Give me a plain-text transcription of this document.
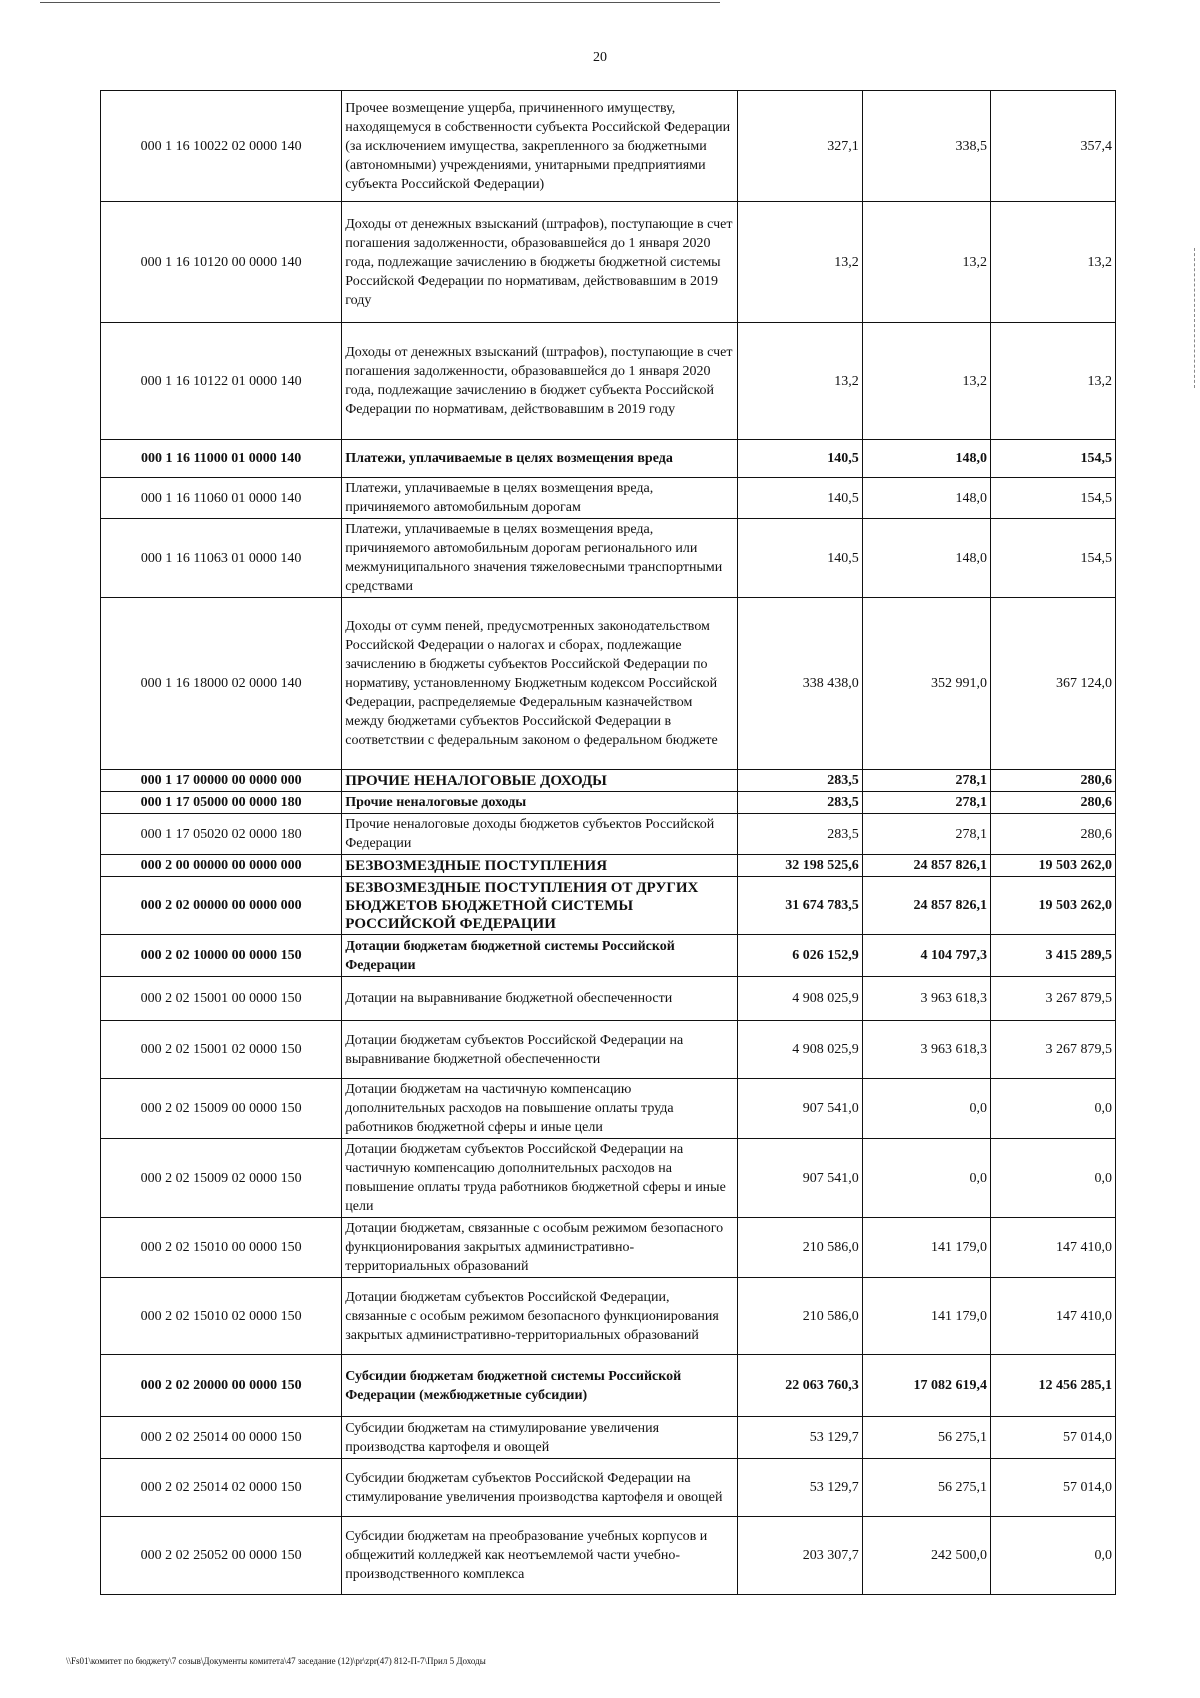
20
000 1 16 10022 02 0000 140	Прочее возмещение ущерба, причиненного имуществу, находящемуся в собственности субъекта Российской Федерации (за исключением имущества, закрепленного за бюджетными (автономными) учреждениями, унитарными предприятиями субъекта Российской Федерации)	327,1	338,5	357,4
000 1 16 10120 00 0000 140	Доходы от денежных взысканий (штрафов), поступающие в счет погашения задолженности, образовавшейся до 1 января 2020 года, подлежащие зачислению в бюджеты бюджетной системы Российской Федерации по нормативам, действовавшим в 2019 году	13,2	13,2	13,2
000 1 16 10122 01 0000 140	Доходы от денежных взысканий (штрафов), поступающие в счет погашения задолженности, образовавшейся до 1 января 2020 года, подлежащие зачислению в бюджет субъекта Российской Федерации по нормативам, действовавшим в 2019 году	13,2	13,2	13,2
000 1 16 11000 01 0000 140	Платежи, уплачиваемые в целях возмещения вреда	140,5	148,0	154,5
000 1 16 11060 01 0000 140	Платежи, уплачиваемые в целях возмещения вреда, причиняемого автомобильным дорогам	140,5	148,0	154,5
000 1 16 11063 01 0000 140	Платежи, уплачиваемые в целях возмещения вреда, причиняемого автомобильным дорогам регионального или межмуниципального значения тяжеловесными транспортными средствами	140,5	148,0	154,5
000 1 16 18000 02 0000 140	Доходы от сумм пеней, предусмотренных законодательством Российской Федерации о налогах и сборах, подлежащие зачислению в бюджеты субъектов Российской Федерации по нормативу, установленному Бюджетным кодексом Российской Федерации, распределяемые Федеральным казначейством между бюджетами субъектов Российской Федерации в соответствии с федеральным законом о федеральном бюджете	338 438,0	352 991,0	367 124,0
000 1 17 00000 00 0000 000	ПРОЧИЕ НЕНАЛОГОВЫЕ ДОХОДЫ	283,5	278,1	280,6
000 1 17 05000 00 0000 180	Прочие неналоговые доходы	283,5	278,1	280,6
000 1 17 05020 02 0000 180	Прочие неналоговые доходы бюджетов субъектов Российской Федерации	283,5	278,1	280,6
000 2 00 00000 00 0000 000	БЕЗВОЗМЕЗДНЫЕ ПОСТУПЛЕНИЯ	32 198 525,6	24 857 826,1	19 503 262,0
000 2 02 00000 00 0000 000	БЕЗВОЗМЕЗДНЫЕ ПОСТУПЛЕНИЯ ОТ ДРУГИХ БЮДЖЕТОВ БЮДЖЕТНОЙ СИСТЕМЫ РОССИЙСКОЙ ФЕДЕРАЦИИ	31 674 783,5	24 857 826,1	19 503 262,0
000 2 02 10000 00 0000 150	Дотации бюджетам бюджетной системы Российской Федерации	6 026 152,9	4 104 797,3	3 415 289,5
000 2 02 15001 00 0000 150	Дотации на выравнивание бюджетной обеспеченности	4 908 025,9	3 963 618,3	3 267 879,5
000 2 02 15001 02 0000 150	Дотации бюджетам субъектов Российской Федерации на выравнивание бюджетной обеспеченности	4 908 025,9	3 963 618,3	3 267 879,5
000 2 02 15009 00 0000 150	Дотации бюджетам на частичную компенсацию дополнительных расходов на повышение оплаты труда работников бюджетной сферы и иные цели	907 541,0	0,0	0,0
000 2 02 15009 02 0000 150	Дотации бюджетам субъектов Российской Федерации на частичную компенсацию дополнительных расходов на повышение оплаты труда работников бюджетной сферы и иные цели	907 541,0	0,0	0,0
000 2 02 15010 00 0000 150	Дотации бюджетам, связанные с особым режимом безопасного функционирования закрытых административно-территориальных образований	210 586,0	141 179,0	147 410,0
000 2 02 15010 02 0000 150	Дотации бюджетам субъектов Российской Федерации, связанные с особым режимом безопасного функционирования закрытых административно-территориальных образований	210 586,0	141 179,0	147 410,0
000 2 02 20000 00 0000 150	Субсидии бюджетам бюджетной системы Российской Федерации (межбюджетные субсидии)	22 063 760,3	17 082 619,4	12 456 285,1
000 2 02 25014 00 0000 150	Субсидии бюджетам на стимулирование увеличения производства картофеля и овощей	53 129,7	56 275,1	57 014,0
000 2 02 25014 02 0000 150	Субсидии бюджетам субъектов Российской Федерации на стимулирование увеличения производства картофеля и овощей	53 129,7	56 275,1	57 014,0
000 2 02 25052 00 0000 150	Субсидии бюджетам на преобразование учебных корпусов и общежитий колледжей как неотъемлемой части учебно-производственного комплекса	203 307,7	242 500,0	0,0
\\Fs01\комитет по бюджету\7 созыв\Документы комитета\47 заседание (12)\pr\zpr(47) 812-П-7\Прил 5 Доходы
